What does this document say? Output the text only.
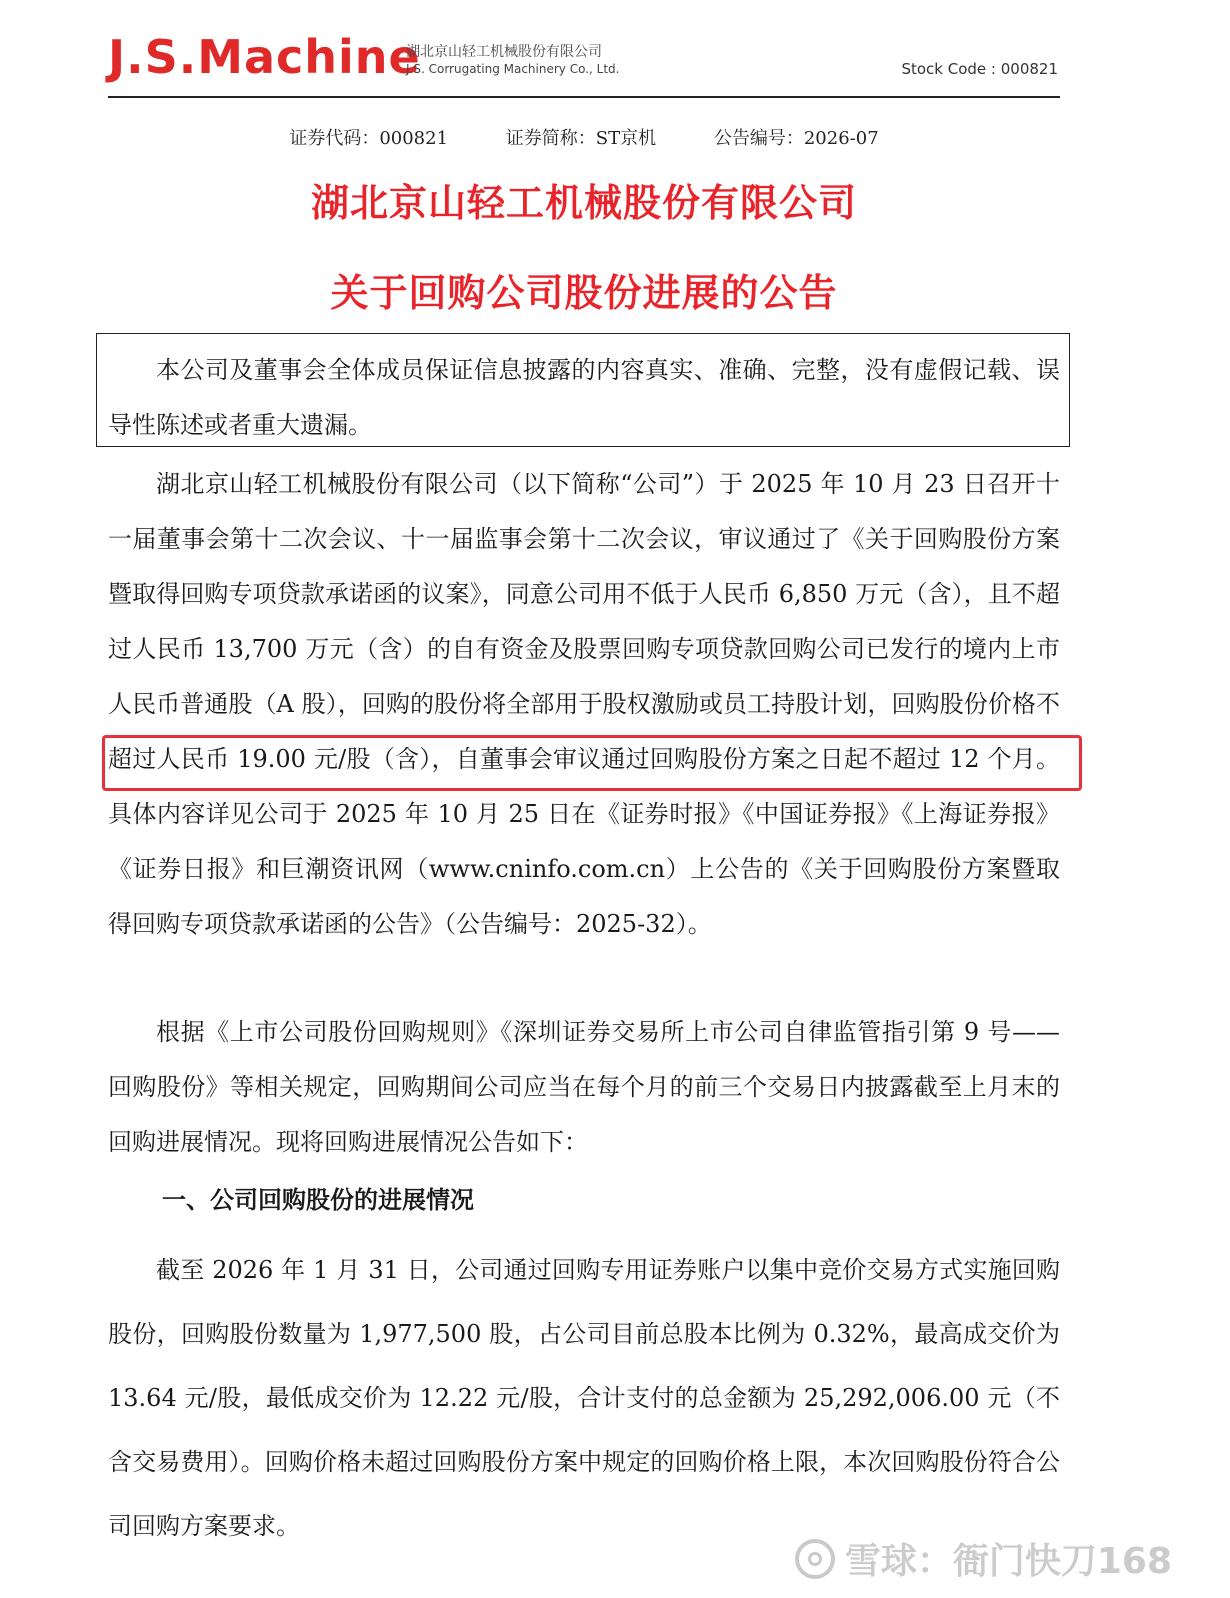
J.S.Machine
湖北京山轻工机械股份有限公司
J.S. Corrugating Machinery Co., Ltd.	Stock Code : 000821
证券代码：000821	证券简称：ST京机	公告编号：2026-07
湖北京山轻工机械股份有限公司
关于回购公司股份进展的公告
本公司及董事会全体成员保证信息披露的内容真实、准确、完整，没有虚假记载、误导性陈述或者重大遗漏。
湖北京山轻工机械股份有限公司（以下简称“公司”）于 2025 年 10 月 23 日召开十一届董事会第十二次会议、十一届监事会第十二次会议，审议通过了《关于回购股份方案暨取得回购专项贷款承诺函的议案》，同意公司用不低于人民币 6,850 万元（含），且不超过人民币 13,700 万元（含）的自有资金及股票回购专项贷款回购公司已发行的境内上市人民币普通股（A 股），回购的股份将全部用于股权激励或员工持股计划，回购股份价格不超过人民币 19.00 元/股（含），自董事会审议通过回购股份方案之日起不超过 12 个月。具体内容详见公司于 2025 年 10 月 25 日在《证券时报》《中国证券报》《上海证券报》《证券日报》和巨潮资讯网（www.cninfo.com.cn）上公告的《关于回购股份方案暨取得回购专项贷款承诺函的公告》（公告编号：2025-32）。
根据《上市公司股份回购规则》《深圳证券交易所上市公司自律监管指引第 9 号——回购股份》等相关规定，回购期间公司应当在每个月的前三个交易日内披露截至上月末的回购进展情况。现将回购进展情况公告如下：
一、公司回购股份的进展情况
截至 2026 年 1 月 31 日，公司通过回购专用证券账户以集中竞价交易方式实施回购股份，回购股份数量为 1,977,500 股，占公司目前总股本比例为 0.32%，最高成交价为 13.64 元/股，最低成交价为 12.22 元/股，合计支付的总金额为 25,292,006.00 元（不含交易费用）。回购价格未超过回购股份方案中规定的回购价格上限，本次回购股份符合公司回购方案要求。
雪球：衙门快刀168
